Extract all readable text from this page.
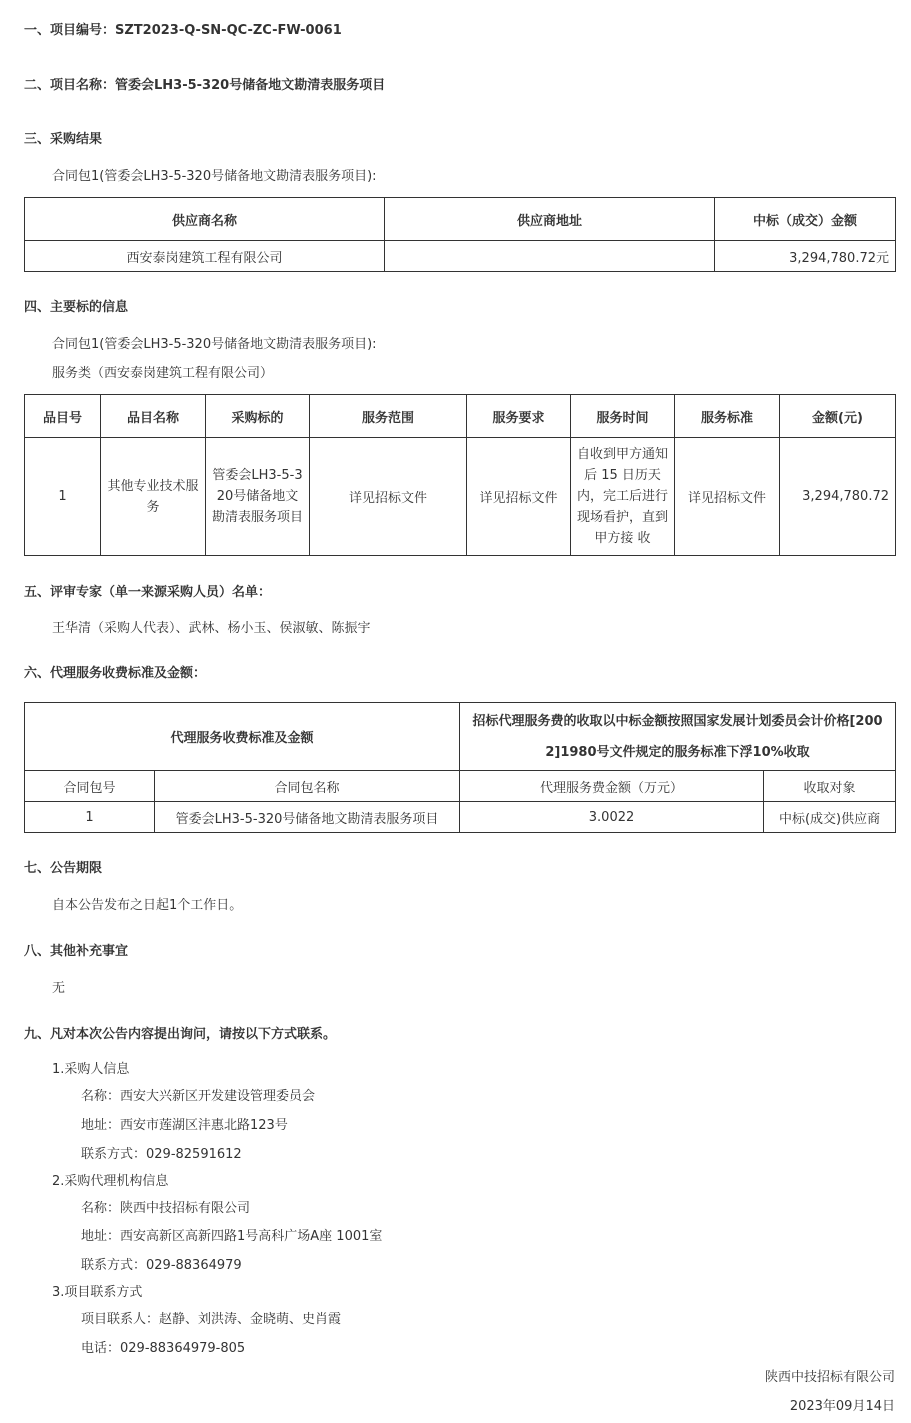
一、项目编号：SZT2023-Q-SN-QC-ZC-FW-0061
二、项目名称：管委会LH3-5-320号储备地文勘清表服务项目
三、采购结果
合同包1(管委会LH3-5-320号储备地文勘清表服务项目):
供应商名称	供应商地址	中标（成交）金额
西安泰岗建筑工程有限公司		3,294,780.72元
四、主要标的信息
合同包1(管委会LH3-5-320号储备地文勘清表服务项目):
服务类（西安泰岗建筑工程有限公司）
品目号	品目名称	采购标的	服务范围	服务要求	服务时间	服务标准	金额(元)
1	其他专业技术服务	管委会LH3-5-320号储备地文勘清表服务项目	详见招标文件	详见招标文件	自收到甲方通知后 15 日历天内，完工后进行现场看护，直到甲方接 收	详见招标文件	3,294,780.72
五、评审专家（单一来源采购人员）名单：
王华清（采购人代表）、武林、杨小玉、侯淑敏、陈振宇
六、代理服务收费标准及金额：
代理服务收费标准及金额		招标代理服务费的收取以中标金额按照国家发展计划委员会计价格[2002]1980号文件规定的服务标准下浮10%收取	
合同包号	合同包名称	代理服务费金额（万元）	收取对象
1	管委会LH3-5-320号储备地文勘清表服务项目	3.0022	中标(成交)供应商
七、公告期限
自本公告发布之日起1个工作日。
八、其他补充事宜
无
九、凡对本次公告内容提出询问，请按以下方式联系。
1.采购人信息
名称：西安大兴新区开发建设管理委员会
地址：西安市莲湖区沣惠北路123号
联系方式：029-82591612
2.采购代理机构信息
名称：陕西中技招标有限公司
地址：西安高新区高新四路1号高科广场A座 1001室
联系方式：029-88364979
3.项目联系方式
项目联系人：赵静、刘洪涛、金晓萌、史肖霞
电话：029-88364979-805
陕西中技招标有限公司
2023年09月14日
